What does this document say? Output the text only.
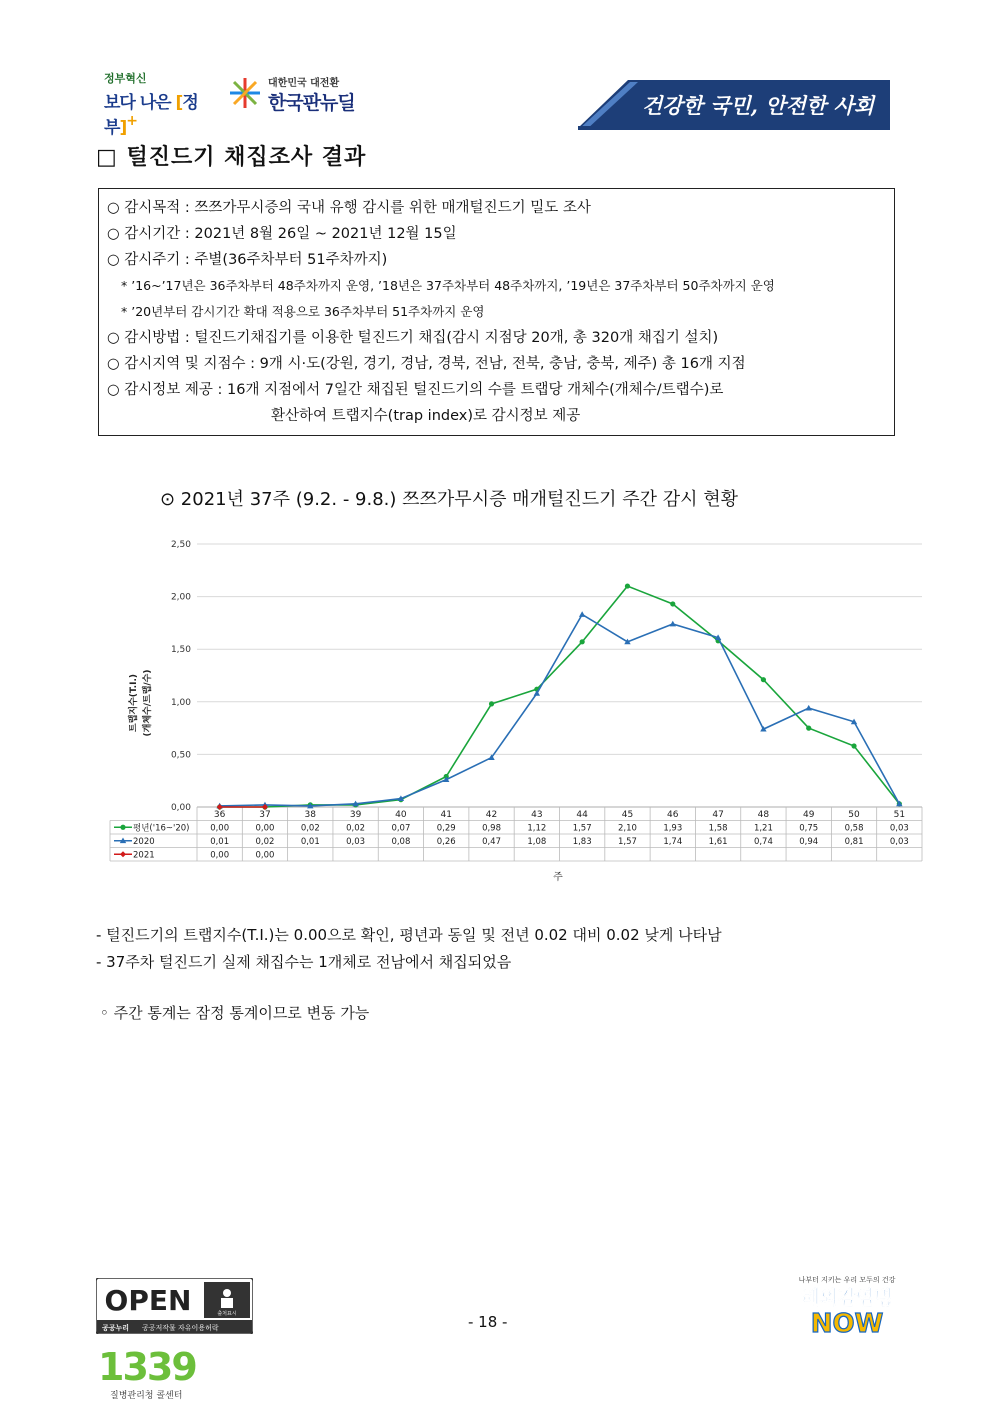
정부혁신
보다 나은 [정부]+
대한민국 대전환
한국판뉴딜	건강한 국민, 안전한 사회
□ 털진드기 채집조사 결과
○ 감시목적 : 쯔쯔가무시증의 국내 유행 감시를 위한 매개털진드기 밀도 조사
○ 감시기간 : 2021년 8월 26일 ~ 2021년 12월 15일
○ 감시주기 : 주별(36주차부터 51주차까지)
* ’16~’17년은 36주차부터 48주차까지 운영, ’18년은 37주차부터 48주차까지, ’19년은 37주차부터 50주차까지 운영
* ’20년부터 감시기간 확대 적용으로 36주차부터 51주차까지 운영
○ 감시방법 : 털진드기채집기를 이용한 털진드기 채집(감시 지점당 20개, 총 320개 채집기 설치)
○ 감시지역 및 지점수 : 9개 시·도(강원, 경기, 경남, 경북, 전남, 전북, 충남, 충북, 제주) 총 16개 지점
○ 감시정보 제공 : 16개 지점에서 7일간 채집된 털진드기의 수를 트랩당 개체수(개체수/트랩수)로
환산하여 트랩지수(trap index)로 감시정보 제공
⊙ 2021년 37주 (9.2. - 9.8.) 쯔쯔가무시증 매개털진드기 주간 감시 현황
0,00
0,50
1,00
1,50
2,00
2,50
트랩지수(T.I.) (개체수/트랩/수)
36	37	38	39	40	41	42	43	44	45	46	47	48	49	50	51
평년('16~'20) 0,00	0,00	0,02	0,02	0,07	0,29	0,98	1,12	1,57	2,10	1,93	1,58	1,21	0,75	0,58	0,03
2020	0,01	0,02	0,01	0,03	0,08	0,26	0,47	1,08	1,83	1,57	1,74	1,61	0,74	0,94	0,81	0,03
2021	0,00	0,00
주
- 털진드기의 트랩지수(T.I.)는 0.00으로 확인, 평년과 동일 및 전년 0.02 대비 0.02 낮게 나타남
- 37주차 털진드기 실제 채집수는 1개체로 전남에서 채집되었음
◦ 주간 통계는 잠정 통계이므로 변동 가능
OPEN	출처표시
공공누리 공공저작물 자유이용허락	- 18 -
1339
질병관리청 콜센터
나부터 지키는 우리 모두의 건강
해외감염병
NOW
